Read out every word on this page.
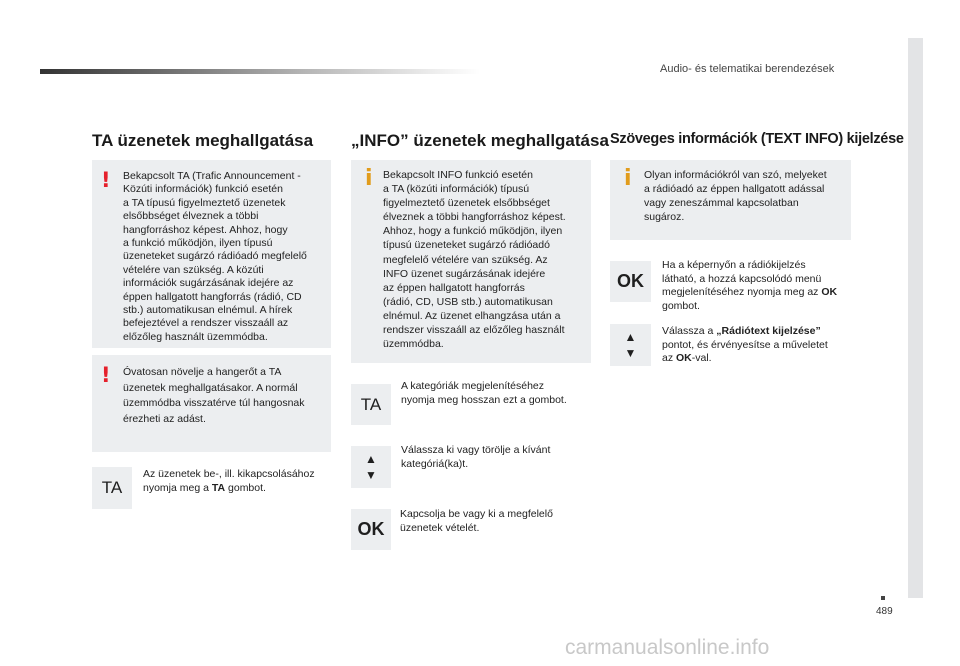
Audio- és telematikai berendezések
489
carmanualsonline.info
TA üzenetek meghallgatása
! Bekapcsolt TA (Trafic Announcement -
Közúti információk) funkció esetén
a TA típusú figyelmeztető üzenetek
elsőbbséget élveznek a többi
hangforráshoz képest. Ahhoz, hogy
a funkció működjön, ilyen típusú
üzeneteket sugárzó rádióadó megfelelő
vételére van szükség. A közúti
információk sugárzásának idejére az
éppen hallgatott hangforrás (rádió, CD
stb.) automatikusan elnémul. A hírek
befejeztével a rendszer visszaáll az
előzőleg használt üzemmódba.
! Óvatosan növelje a hangerőt a TA
üzenetek meghallgatásakor. A normál
üzemmódba visszatérve túl hangosnak
érezheti az adást.
TA
Az üzenetek be-, ill. kikapcsolásához
nyomja meg a TA gombot.
„INFO” üzenetek meghallgatása
i Bekapcsolt INFO funkció esetén
a TA (közúti információk) típusú
figyelmeztető üzenetek elsőbbséget
élveznek a többi hangforráshoz képest.
Ahhoz, hogy a funkció működjön, ilyen
típusú üzeneteket sugárzó rádióadó
megfelelő vételére van szükség. Az
INFO üzenet sugárzásának idejére
az éppen hallgatott hangforrás
(rádió, CD, USB stb.) automatikusan
elnémul. Az üzenet elhangzása után a
rendszer visszaáll az előzőleg használt
üzemmódba.
TA
A kategóriák megjelenítéséhez
nyomja meg hosszan ezt a gombot.
▲
▼
Válassza ki vagy törölje a kívánt
kategóriá(ka)t.
OK
Kapcsolja be vagy ki a megfelelő
üzenetek vételét.
Szöveges információk (TEXT INFO) kijelzése
i Olyan információkról van szó, melyeket
a rádióadó az éppen hallgatott adással
vagy zeneszámmal kapcsolatban
sugároz.
OK
Ha a képernyőn a rádiókijelzés
látható, a hozzá kapcsolódó menü
megjelenítéséhez nyomja meg az OK
gombot.
▲
▼
Válassza a „Rádiótext kijelzése”
pontot, és érvényesítse a műveletet
az OK-val.
